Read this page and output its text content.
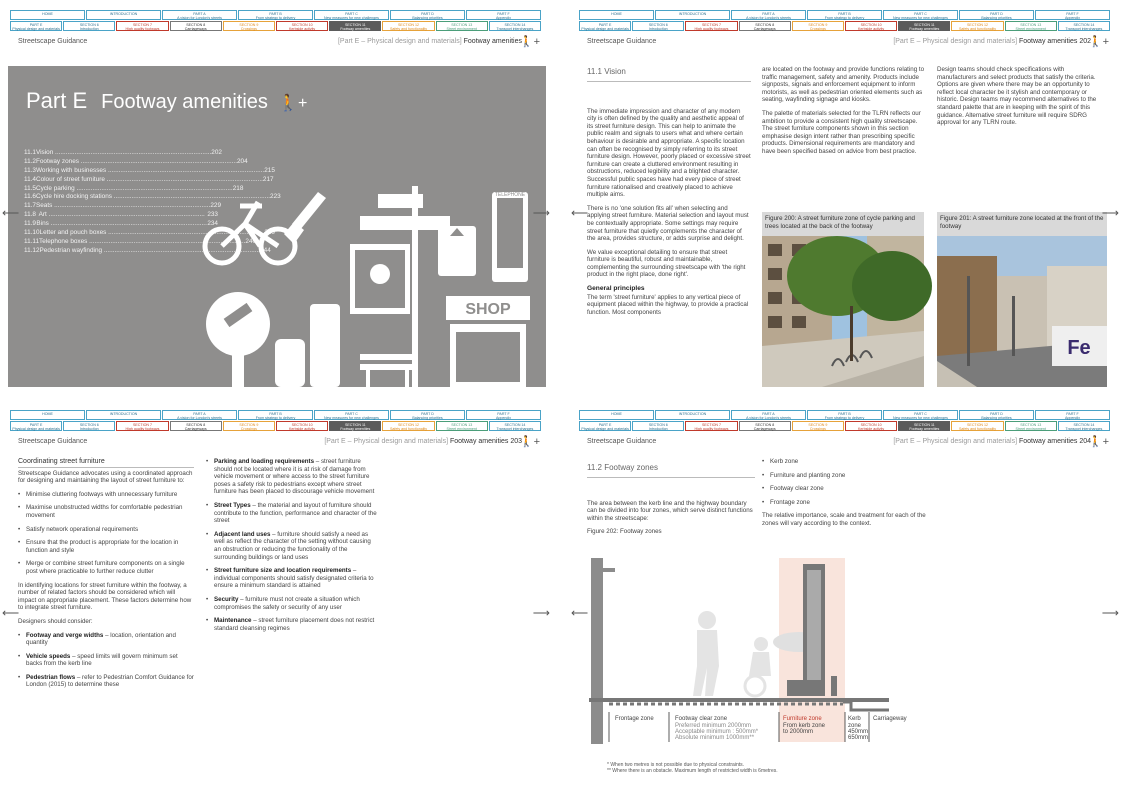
HOME	INTRODUCTION	PART A
A vision for London's streets
PART B
From strategy to delivery
PART C
New measures for new challenges
PART D
Balancing priorities
PART F
Appendix
PART E
Physical design and materials
SECTION 6
Introduction
SECTION 7
High quality footways
SECTION 8
Carriageways
SECTION 9
Crossings
SECTION 10
Kerbside activity
SECTION 11
Footway amenities
SECTION 12
Safety and functionality
SECTION 13
Street environment
SECTION 14
Transport interchanges
Streetscape Guidance	[Part E – Physical design and materials] Footway amenities
🚶+
Part E Footway amenities 🚶+
11.1 Vision .....	202
11.2 Footway zones .....	204
11.3 Working with businesses .....	215
11.4 Colour of street furniture .....	217
11.5 Cycle parking .....	218
11.6 Cycle hire docking stations .....	223
11.7 Seats .....	229
11.8 Art .....	233
11.9 Bins .....	234
11.10 Letter and pouch boxes .....	239
11.11 Telephone boxes .....	240
11.12 Pedestrian wayfinding .....	244
SHOP
TELEPHONE
⟵	⟶
HOME	INTRODUCTION	PART A
A vision for London's streets
PART B
From strategy to delivery
PART C
New measures for new challenges
PART D
Balancing priorities
PART F
Appendix
PART E
Physical design and materials
SECTION 6
Introduction
SECTION 7
High quality footways
SECTION 8
Carriageways
SECTION 9
Crossings
SECTION 10
Kerbside activity
SECTION 11
Footway amenities
SECTION 12
Safety and functionality
SECTION 13
Street environment
SECTION 14
Transport interchanges
Streetscape Guidance	[Part E – Physical design and materials] Footway amenities 202
🚶+
11.1 Vision

The immediate impression and character of any modern city is often defined by the quality and aesthetic appeal of its street furniture design. This can help to animate the public realm and signals to users what and where certain behaviour is desirable and appropriate. A specific location can often be recognised by simply referring to its street furniture design. However, poorly placed or excessive street furniture can create a cluttered environment resulting in obstructions, reduced legibility and a blighted character. Successful public spaces have had every piece of street furniture rationalised and creatively placed to achieve multiple aims.

There is no 'one solution fits all' when selecting and applying street furniture. Material selection and layout must be contextually appropriate. Some settings may require street furniture that quietly complements the character of the area, provides structure, or adds surprise and delight.

We value exceptional detailing to ensure that street furniture is beautiful, robust and maintainable, complementing the surrounding streetscape with 'the right product in the right place, done right'.

General principles

The term 'street furniture' applies to any vertical piece of equipment placed within the highway, to provide a practical function. Most components

are located on the footway and provide functions relating to traffic management, safety and amenity. Products include signposts, signals and enforcement equipment to inform motorists, as well as pedestrian oriented elements such as seating, wayfinding signage and kiosks.

The palette of materials selected for the TLRN reflects our ambition to provide a consistent high quality streetscape. The street furniture components shown in this section emphasise design intent rather than prescribing specific products. Dimensional requirements are mandatory and have been specified based on advice from best practice.

Design teams should check specifications with manufacturers and select products that satisfy the criteria. Options are given where there may be an opportunity to reflect local character be it stylish and contemporary or historic. Design teams may recommend alternatives to the standard palette that are in keeping with the spirit of this guidance. Alternative street furniture will require SDRG approval for any TLRN route.

Figure 200: A street furniture zone of cycle parking and trees located at the back of the footway
Figure 201: A street furniture zone located at the front of the footway
Fe
⟵	⟶
HOME	INTRODUCTION	PART A
A vision for London's streets
PART B
From strategy to delivery
PART C
New measures for new challenges
PART D
Balancing priorities
PART F
Appendix
PART E
Physical design and materials
SECTION 6
Introduction
SECTION 7
High quality footways
SECTION 8
Carriageways
SECTION 9
Crossings
SECTION 10
Kerbside activity
SECTION 11
Footway amenities
SECTION 12
Safety and functionality
SECTION 13
Street environment
SECTION 14
Transport interchanges
Streetscape Guidance	[Part E – Physical design and materials] Footway amenities 203
🚶+
Coordinating street furniture

Streetscape Guidance advocates using a coordinated approach for designing and maintaining the layout of street furniture to:

• Minimise cluttering footways with unnecessary furniture
• Maximise unobstructed widths for comfortable pedestrian movement
• Satisfy network operational requirements
• Ensure that the product is appropriate for the location in function and style
• Merge or combine street furniture components on a single post where practicable to further reduce clutter

In identifying locations for street furniture within the footway, a number of related factors should be considered which will impact on appropriate placement. These factors determine how to integrate street furniture.

Designers should consider:

• Footway and verge widths – location, orientation and quantity
• Vehicle speeds – speed limits will govern minimum set backs from the kerb line
• Pedestrian flows – refer to Pedestrian Comfort Guidance for London (2015) to determine these
• Parking and loading requirements – street furniture should not be located where it is at risk of damage from vehicle movement or where access to the street furniture poses a safety risk to pedestrians except where street furniture has been placed to discourage vehicle movement
• Street Types – the material and layout of furniture should contribute to the function, performance and character of the street
• Adjacent land uses – furniture should satisfy a need as well as reflect the character of the setting without causing an obstruction or reducing the functionality of the surrounding buildings or land uses
• Street furniture size and location requirements – individual components should satisfy designated criteria to ensure a minimum standard is attained
• Security – furniture must not create a situation which compromises the safety or security of any user
• Maintenance – street furniture placement does not restrict standard cleansing regimes
⟵	⟶
HOME	INTRODUCTION	PART A
A vision for London's streets
PART B
From strategy to delivery
PART C
New measures for new challenges
PART D
Balancing priorities
PART F
Appendix
PART E
Physical design and materials
SECTION 6
Introduction
SECTION 7
High quality footways
SECTION 8
Carriageways
SECTION 9
Crossings
SECTION 10
Kerbside activity
SECTION 11
Footway amenities
SECTION 12
Safety and functionality
SECTION 13
Street environment
SECTION 14
Transport interchanges
Streetscape Guidance	[Part E – Physical design and materials] Footway amenities 204
🚶+
11.2 Footway zones

The area between the kerb line and the highway boundary can be divided into four zones, which serve distinct functions within the streetscape:

Figure 202: Footway zones

• Kerb zone
• Furniture and planting zone
• Footway clear zone
• Frontage zone

The relative importance, scale and treatment for each of the zones will vary according to the context.

Frontage zone	Footway clear zone
Preferred minimum 2000mm
Acceptable minimum : 500mm*
Absolute minimum 1000mm**
Furniture zone
From kerb zone
to 2000mm
Kerb
zone
450mm
650mm
Carriageway
* When two metres is not possible due to physical constraints.
** Where there is an obstacle. Maximum length of restricted width is 6metres.
⟵	⟶
